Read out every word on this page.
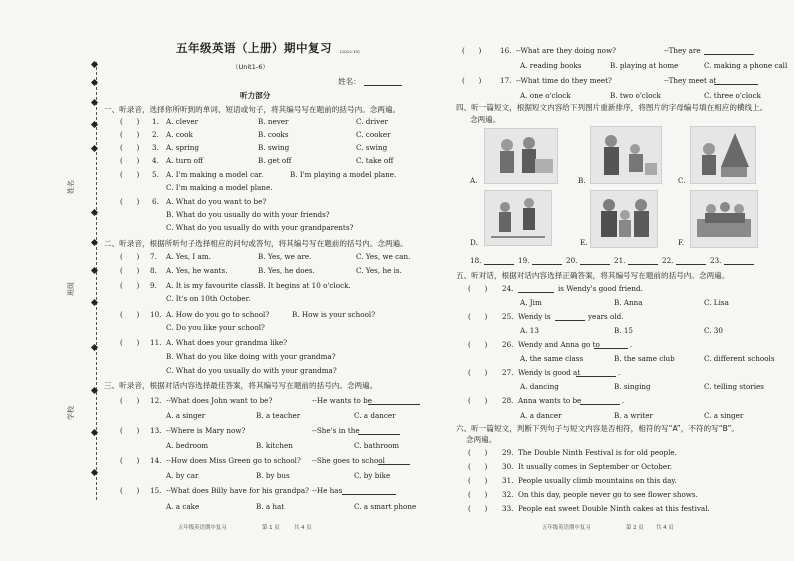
学校
班级
姓名
五年级英语（上册）期中复习 (2022.10)
（Unit1-6）
姓名：
听力部分
一、听录音，选择你所听到的单词、短语或句子，将其编号写在题前的括号内。念两遍。
(      ) 1. A. clever	B. never	C. driver
(      ) 2. A. cook	B. cooks	C. cooker
(      ) 3. A. spring	B. swing	C. swing
(      ) 4. A. turn off	B. get off	C. take off
(      ) 5. A. I'm making a model car.	B. I'm playing a model plane.
C. I'm making a model plane.
(      ) 6. A. What do you want to be?
B. What do you usually do with your friends?
C. What do you usually do with your grandparents?
二、听录音，根据所听句子选择相应的问句或答句，将其编号写在题前的括号内。念两遍。
(      ) 7. A. Yes, I am.	B. Yes, we are.	C. Yes, we can.
(      ) 8. A. Yes, he wants.	B. Yes, he does.	C. Yes, he is.
(      ) 9. A. It is my favourite class.
B. It begins at 10 o'clock.
C. It's on 10th October.
(      ) 10. A. How do you go to school?	B. How is your school?
C. Do you like your school?
(      ) 11. A. What does your grandma like?
B. What do you like doing with your grandma?
C. What do you usually do with your grandma?
三、听录音，根据对话内容选择最佳答案，将其编号写在题前的括号内。念两遍。
(      ) 12. --What does John want to be?	--He wants to be
A. a singer	B. a teacher	C. a dancer
(      ) 13. --Where is Mary now?	--She's in the
A. bedroom	B. kitchen	C. bathroom
(      ) 14. --How does Miss Green go to school? --She goes to school
A. by car	B. by bus	C. by bike
(      ) 15. --What does Billy have for his grandpa? --He has
A. a cake	B. a hat	C. a smart phone
五年级英语期中复习	第 1 页	共 4 页
(      )	16. --What are they doing now?	--They are
A. reading books	B. playing at home	C. making a phone call
(      )	17. --What time do they meet?	--They meet at
A. one o'clock	B. two o'clock	C. three o'clock
四、听一篇短文，根据短文内容给下列图片重新排序，将图片的字母编号填在相应的横线上。
念两遍。
A.	B.	C.
D.	E.	F.
18.	19.	20.	21.	22.	23.
五、听对话，根据对话内容选择正确答案，将其编号写在题前的括号内。念两遍。
(      ) 24.	is Wendy's good friend.
A. Jim	B. Anna	C. Lisa
(      ) 25. Wendy is	years old.
A. 13	B. 15	C. 30
(      ) 26. Wendy and Anna go to	.
A. the same class	B. the same club	C. different schools
(      ) 27. Wendy is good at	.
A. dancing	B. singing	C. telling stories
(      ) 28. Anna wants to be	.
A. a dancer	B. a writer	C. a singer
六、听一篇短文，判断下列句子与短文内容是否相符，相符的写“A”，不符的写“B”。
念两遍。
(      ) 29. The Double Ninth Festival is for old people.
(      ) 30. It usually comes in September or October.
(      ) 31. People usually climb mountains on this day.
(      ) 32. On this day, people never go to see flower shows.
(      ) 33. People eat sweet Double Ninth cakes at this festival.
五年级英语期中复习	第 2 页 共 4 页
